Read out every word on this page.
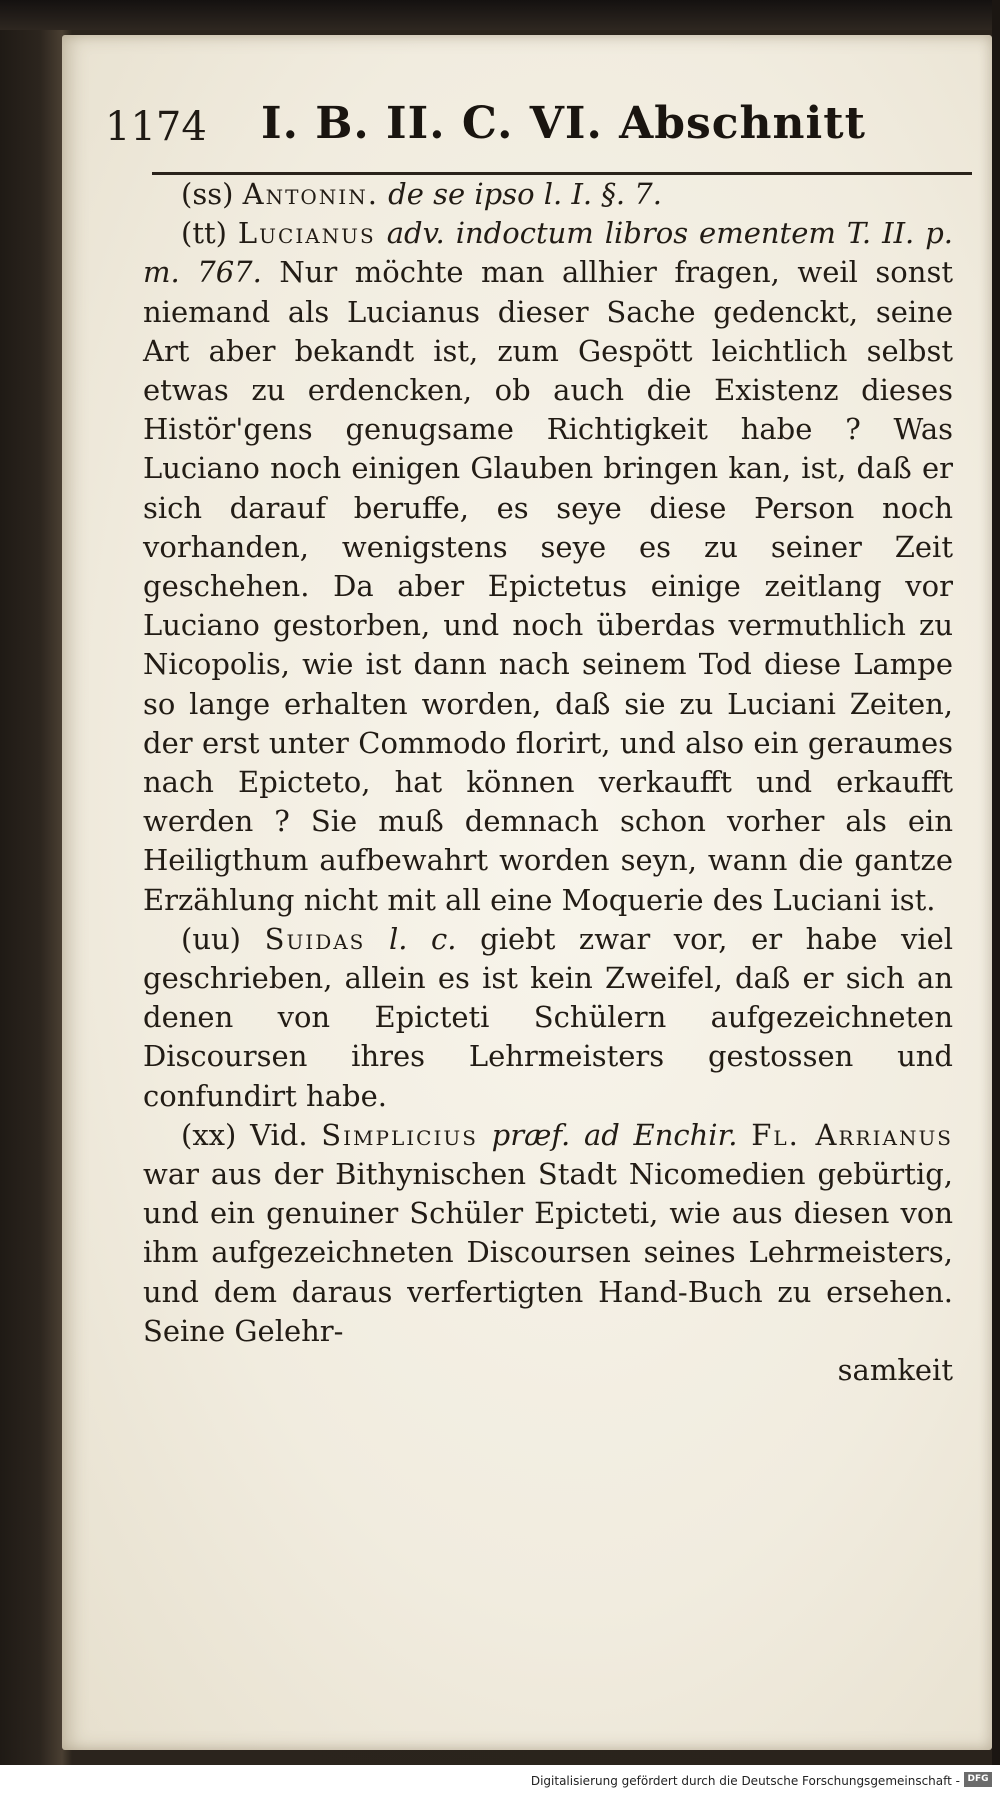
1174 I. B. II. C. VI. Abschnitt

(ss) Antonin. de se ipso l. I. §. 7.

(tt) Lucianus adv. indoctum libros ementem T. II. p. m. 767. Nur möchte man allhier fragen, weil sonst niemand als Lucianus dieser Sache gedenckt, seine Art aber bekandt ist, zum Gespött leichtlich selbst etwas zu erdencken, ob auch die Existenz dieses Histör'gens genugsame Richtigkeit habe ? Was Luciano noch einigen Glauben bringen kan, ist, daß er sich darauf beruffe, es seye diese Person noch vorhanden, wenigstens seye es zu seiner Zeit geschehen. Da aber Epictetus einige zeitlang vor Luciano gestorben, und noch überdas vermuthlich zu Nicopolis, wie ist dann nach seinem Tod diese Lampe so lange erhalten worden, daß sie zu Luciani Zeiten, der erst unter Commodo florirt, und also ein geraumes nach Epicteto, hat können verkaufft und erkaufft werden ? Sie muß demnach schon vorher als ein Heiligthum aufbewahrt worden seyn, wann die gantze Erzählung nicht mit all eine Moquerie des Luciani ist.

(uu) Suidas l. c. giebt zwar vor, er habe viel geschrieben, allein es ist kein Zweifel, daß er sich an denen von Epicteti Schülern aufgezeichneten Discoursen ihres Lehrmeisters gestossen und confundirt habe.

(xx) Vid. Simplicius præf. ad Enchir. Fl. Arrianus war aus der Bithynischen Stadt Nicomedien gebürtig, und ein genuiner Schüler Epicteti, wie aus diesen von ihm aufgezeichneten Discoursen seines Lehrmeisters, und dem daraus verfertigten Hand-Buch zu ersehen. Seine Gelehr-

samkeit

Digitalisierung gefördert durch die Deutsche Forschungsgemeinschaft - DFG
